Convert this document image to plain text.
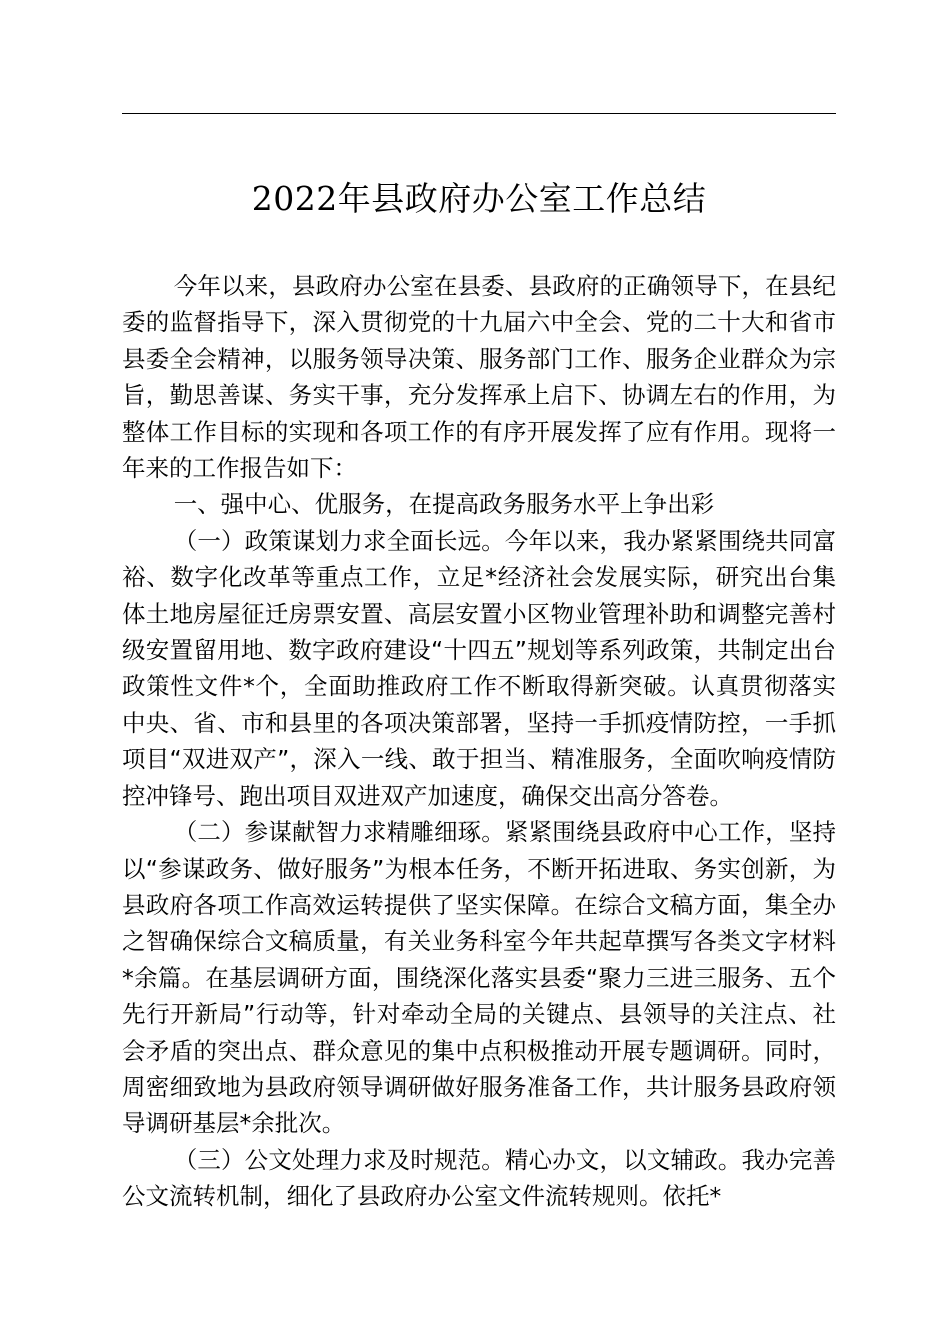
2022年县政府办公室工作总结

今年以来，县政府办公室在县委、县政府的正确领导下，在县纪委的监督指导下，深入贯彻党的十九届六中全会、党的二十大和省市县委全会精神，以服务领导决策、服务部门工作、服务企业群众为宗旨，勤思善谋、务实干事，充分发挥承上启下、协调左右的作用，为整体工作目标的实现和各项工作的有序开展发挥了应有作用。现将一年来的工作报告如下：

一、强中心、优服务，在提高政务服务水平上争出彩

（一）政策谋划力求全面长远。今年以来，我办紧紧围绕共同富裕、数字化改革等重点工作，立足*经济社会发展实际，研究出台集体土地房屋征迁房票安置、高层安置小区物业管理补助和调整完善村级安置留用地、数字政府建设“十四五”规划等系列政策，共制定出台政策性文件*个，全面助推政府工作不断取得新突破。认真贯彻落实中央、省、市和县里的各项决策部署，坚持一手抓疫情防控，一手抓项目“双进双产”，深入一线、敢于担当、精准服务，全面吹响疫情防控冲锋号、跑出项目双进双产加速度，确保交出高分答卷。

（二）参谋献智力求精雕细琢。紧紧围绕县政府中心工作，坚持以“参谋政务、做好服务”为根本任务，不断开拓进取、务实创新，为县政府各项工作高效运转提供了坚实保障。在综合文稿方面，集全办之智确保综合文稿质量，有关业务科室今年共起草撰写各类文字材料*余篇。在基层调研方面，围绕深化落实县委“聚力三进三服务、五个先行开新局”行动等，针对牵动全局的关键点、县领导的关注点、社会矛盾的突出点、群众意见的集中点积极推动开展专题调研。同时，周密细致地为县政府领导调研做好服务准备工作，共计服务县政府领导调研基层*余批次。

（三）公文处理力求及时规范。精心办文，以文辅政。我办完善公文流转机制，细化了县政府办公室文件流转规则。依托*
